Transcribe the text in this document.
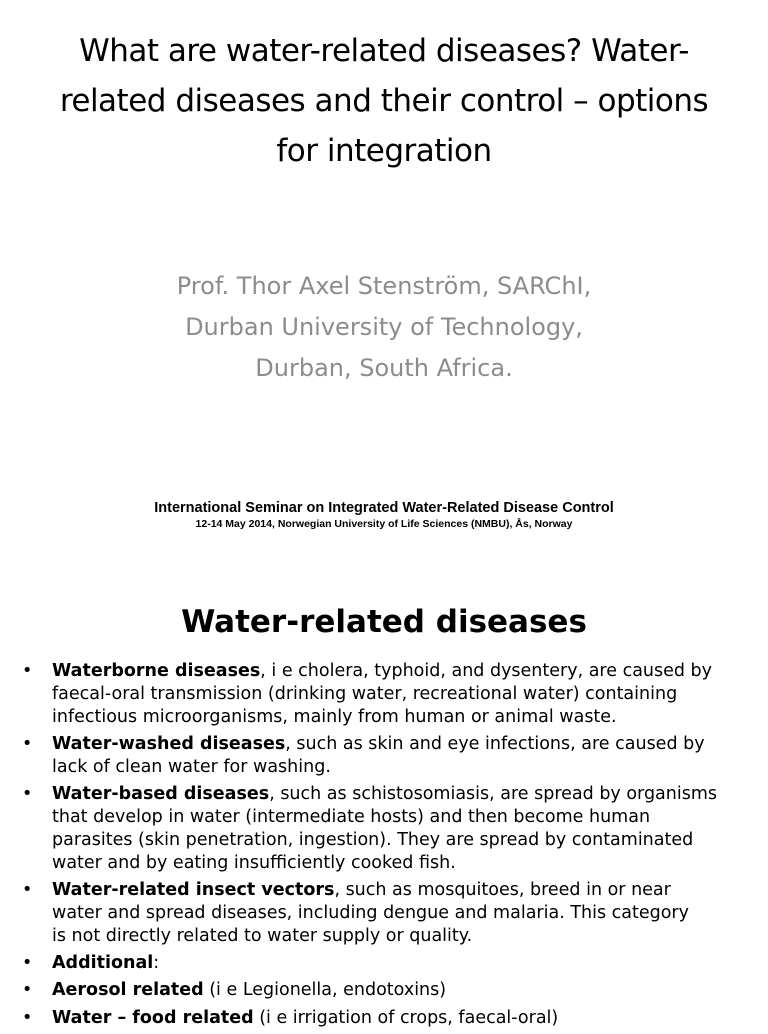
What are water-related diseases? Water-
related diseases and their control – options
for integration
Prof. Thor Axel Stenström, SARChI,
Durban University of Technology,
Durban, South Africa.
International Seminar on Integrated Water-Related Disease Control
12-14 May 2014, Norwegian University of Life Sciences (NMBU), Ås, Norway
Water-related diseases
• Waterborne diseases, i e cholera, typhoid, and dysentery, are caused by
faecal-oral transmission (drinking water, recreational water) containing
infectious microorganisms, mainly from human or animal waste.
• Water-washed diseases, such as skin and eye infections, are caused by
lack of clean water for washing.
• Water-based diseases, such as schistosomiasis, are spread by organisms
that develop in water (intermediate hosts) and then become human
parasites (skin penetration, ingestion). They are spread by contaminated
water and by eating insufficiently cooked fish.
• Water-related insect vectors, such as mosquitoes, breed in or near
water and spread diseases, including dengue and malaria. This category
is not directly related to water supply or quality.
• Additional:
• Aerosol related (i e Legionella, endotoxins)
• Water – food related (i e irrigation of crops, faecal-oral)
